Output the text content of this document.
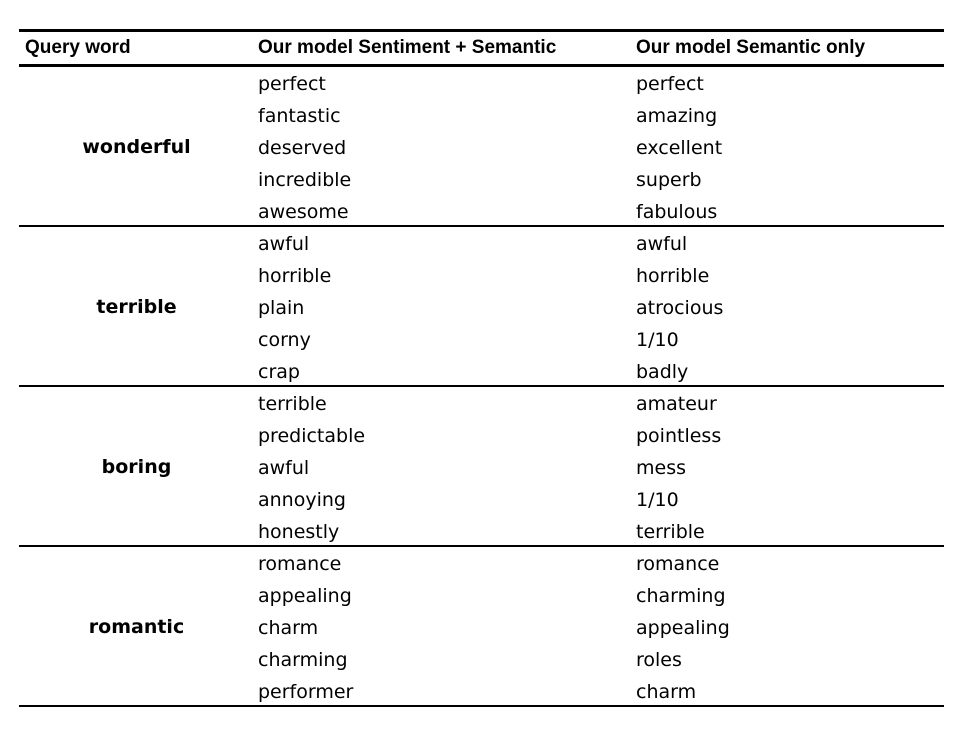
Query word	Our model Sentiment + Semantic	Our model Semantic only
wonderful
perfect
fantastic
deserved
incredible
awesome
perfect
amazing
excellent
superb
fabulous
terrible
awful
horrible
plain
corny
crap
awful
horrible
atrocious
1/10
badly
boring
terrible
predictable
awful
annoying
honestly
amateur
pointless
mess
1/10
terrible
romantic
romance
appealing
charm
charming
performer
romance
charming
appealing
roles
charm
